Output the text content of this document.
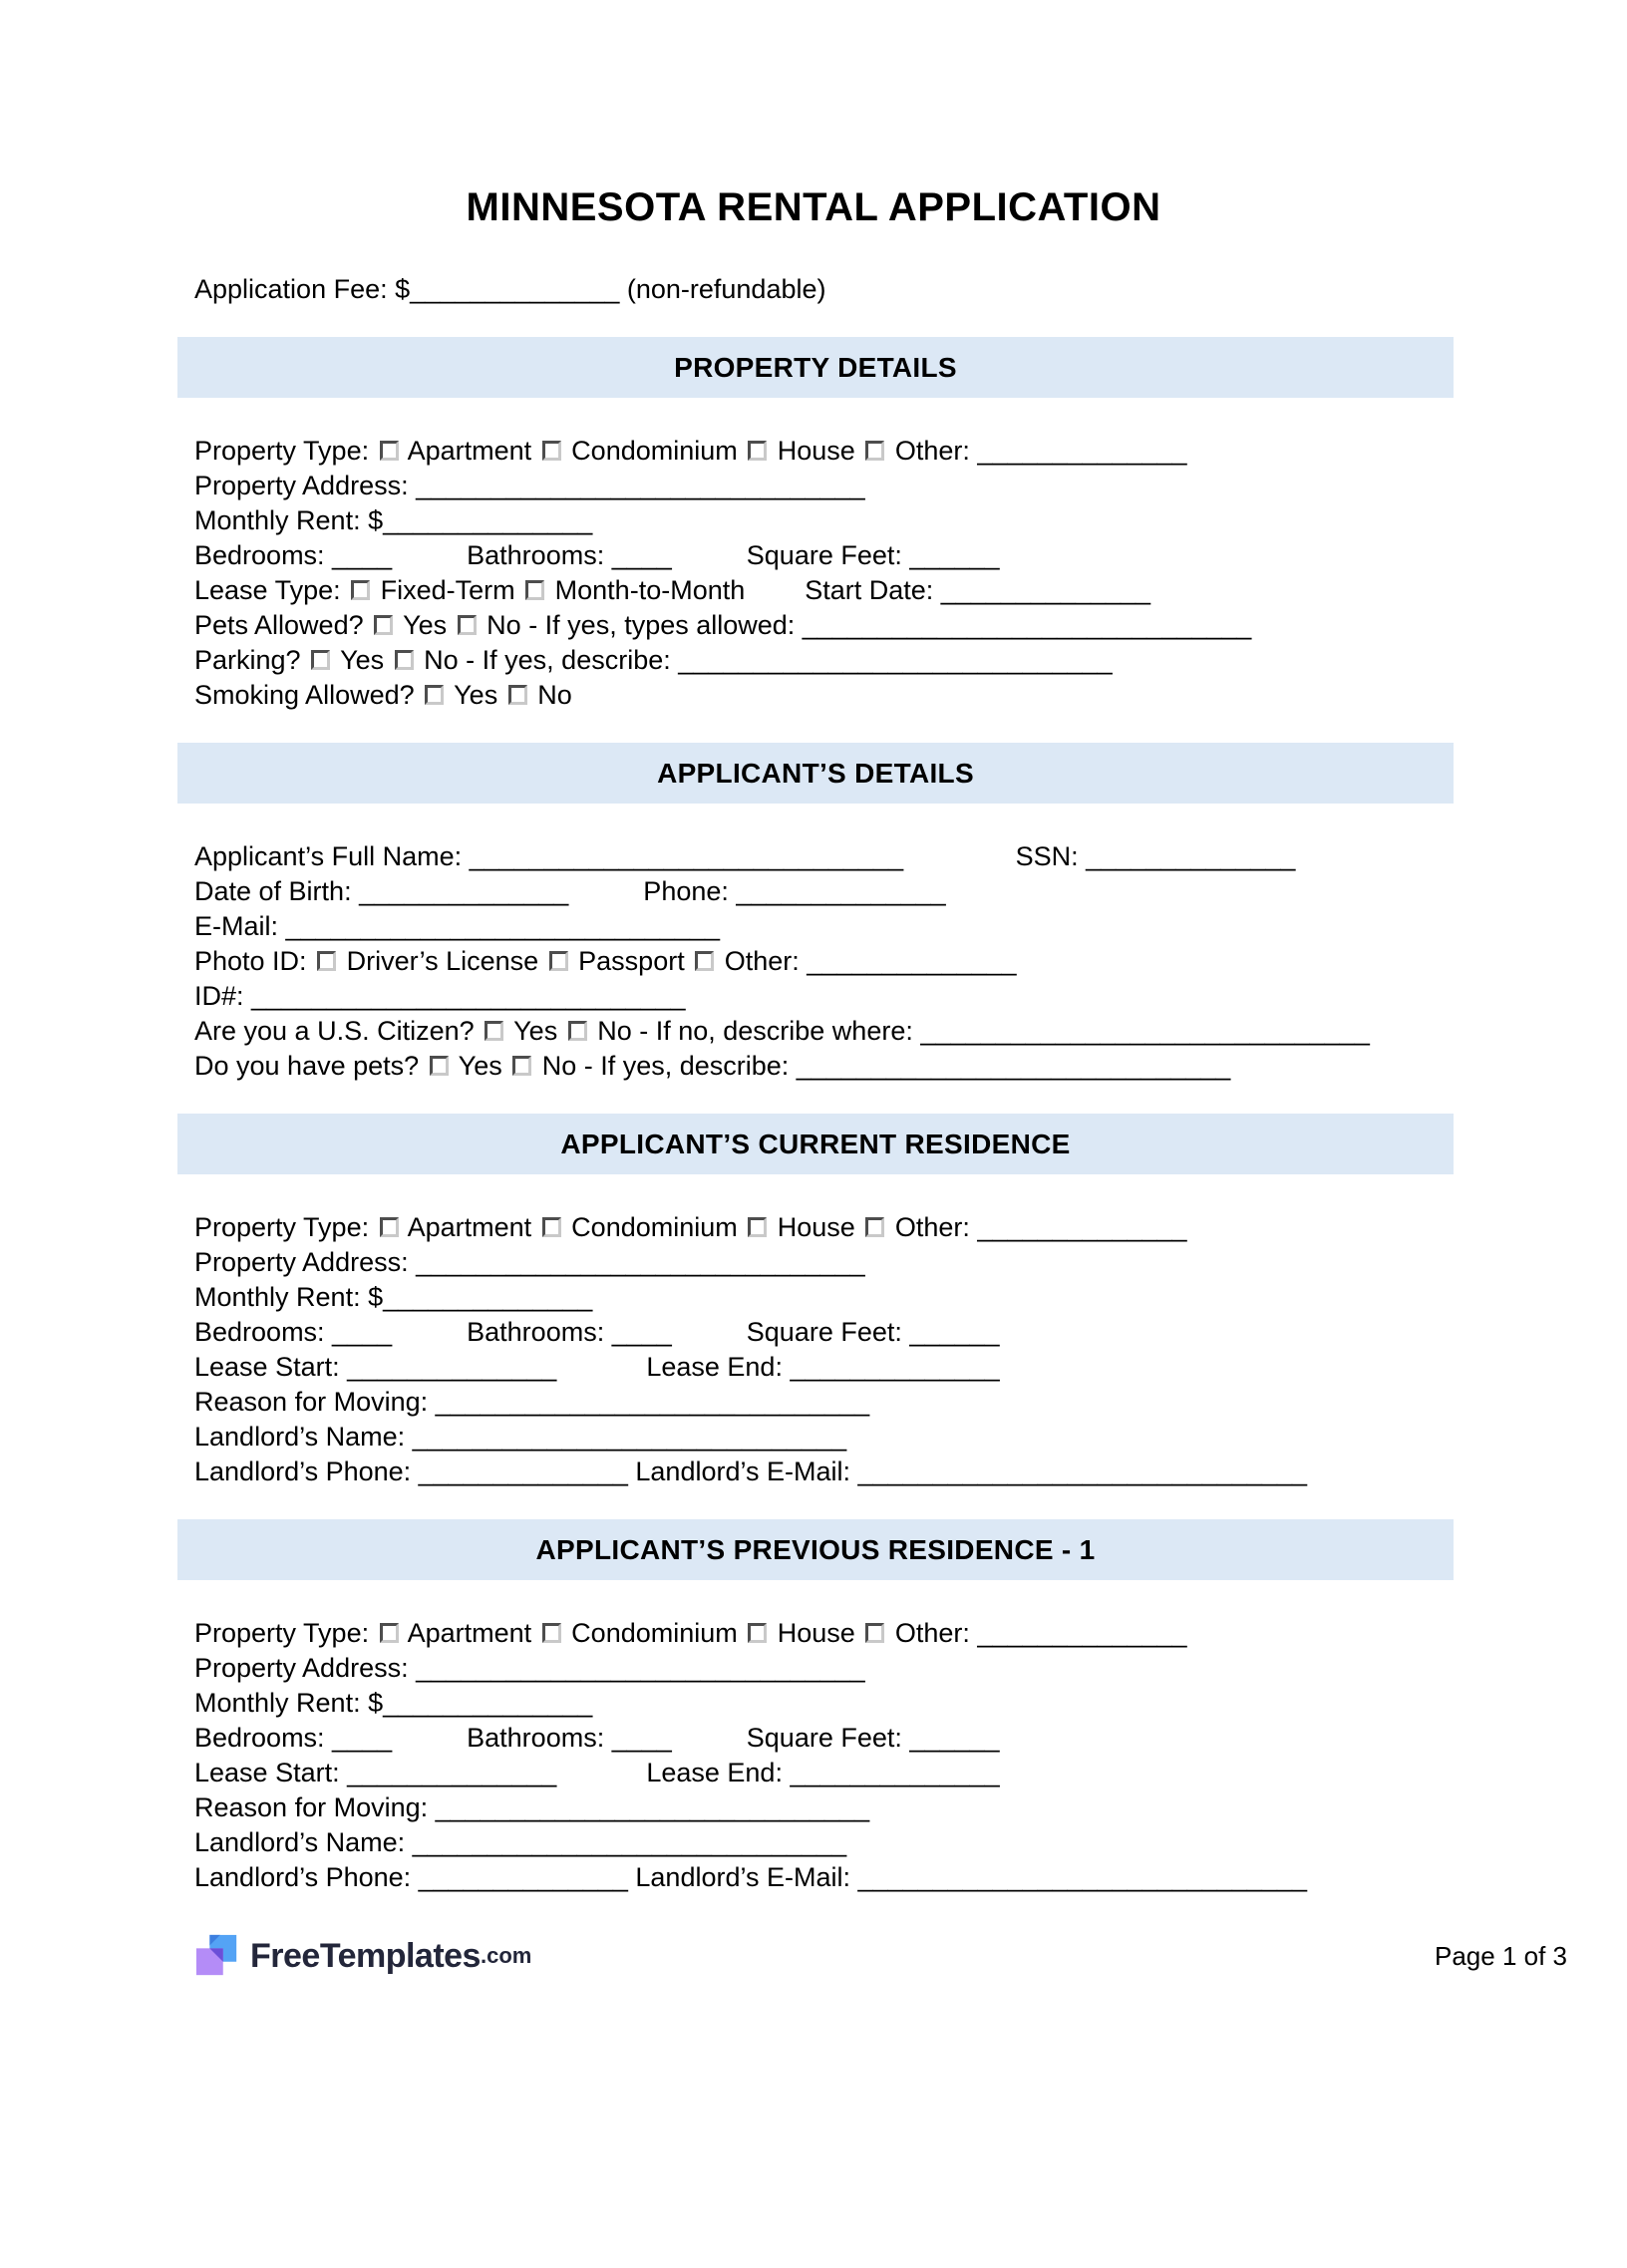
MINNESOTA RENTAL APPLICATION
Application Fee: $______________ (non-refundable)
PROPERTY DETAILS
Property Type:  Apartment  Condominium  House  Other: ______________
Property Address: ______________________________
Monthly Rent: $______________
Bedrooms: ____          Bathrooms: ____          Square Feet: ______
Lease Type:  Fixed-Term  Month-to-Month        Start Date: ______________
Pets Allowed?  Yes  No - If yes, types allowed: ______________________________
Parking?  Yes  No - If yes, describe: _____________________________
Smoking Allowed?  Yes  No
APPLICANT’S DETAILS
Applicant’s Full Name: _____________________________               SSN: ______________
Date of Birth: ______________          Phone: ______________
E-Mail: _____________________________
Photo ID:  Driver’s License  Passport  Other: ______________
ID#: _____________________________
Are you a U.S. Citizen?  Yes  No - If no, describe where: ______________________________
Do you have pets?  Yes  No - If yes, describe: _____________________________
APPLICANT’S CURRENT RESIDENCE
Property Type:  Apartment  Condominium  House  Other: ______________
Property Address: ______________________________
Monthly Rent: $______________
Bedrooms: ____          Bathrooms: ____          Square Feet: ______
Lease Start: ______________            Lease End: ______________
Reason for Moving: _____________________________
Landlord’s Name: _____________________________
Landlord’s Phone: ______________ Landlord’s E-Mail: ______________________________
APPLICANT’S PREVIOUS RESIDENCE - 1
Property Type:  Apartment  Condominium  House  Other: ______________
Property Address: ______________________________
Monthly Rent: $______________
Bedrooms: ____          Bathrooms: ____          Square Feet: ______
Lease Start: ______________            Lease End: ______________
Reason for Moving: _____________________________
Landlord’s Name: _____________________________
Landlord’s Phone: ______________ Landlord’s E-Mail: ______________________________
FreeTemplates .com	Page 1 of 3
